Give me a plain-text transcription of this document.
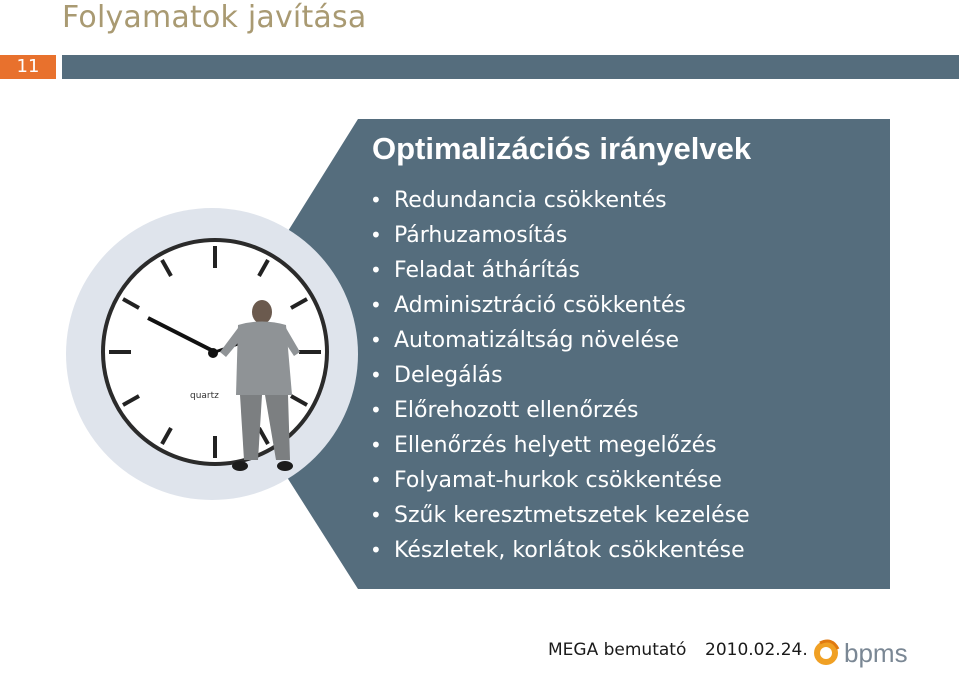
Folyamatok javítása
11
quartz
Optimalizációs irányelvek
• Redundancia csökkentés
• Párhuzamosítás
• Feladat áthárítás
• Adminisztráció csökkentés
• Automatizáltság növelése
• Delegálás
• Előrehozott ellenőrzés
• Ellenőrzés helyett megelőzés
• Folyamat-hurkok csökkentése
• Szűk keresztmetszetek kezelése
• Készletek, korlátok csökkentése
MEGA bemutató 2010.02.24. bpms
